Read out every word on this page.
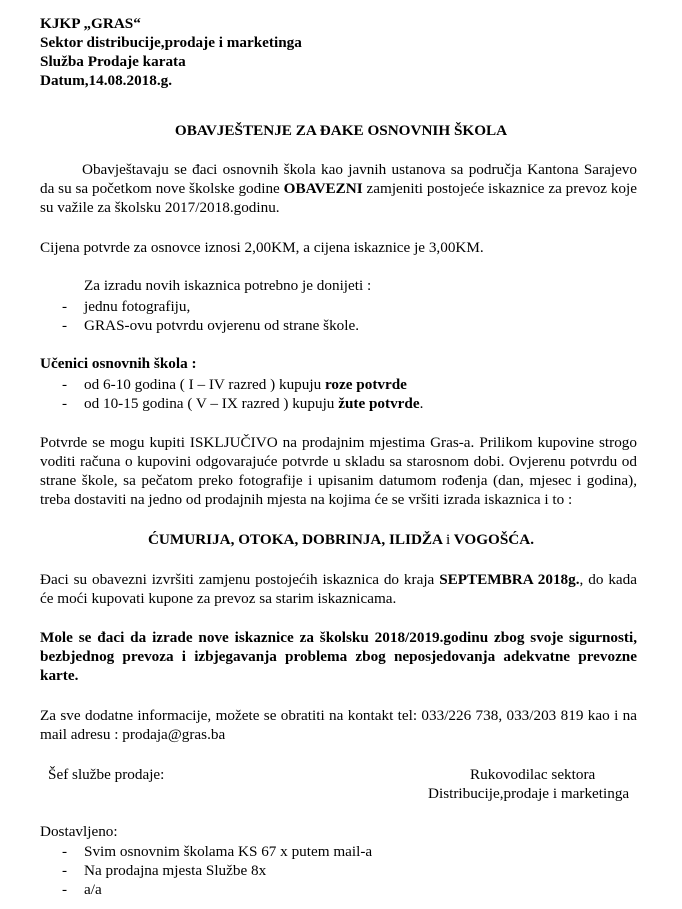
KJKP „GRAS“
Sektor distribucije,prodaje i marketinga
Služba Prodaje karata
Datum,14.08.2018.g.
OBAVJEŠTENJE ZA ĐAKE OSNOVNIH ŠKOLA

Obavještavaju se đaci osnovnih škola kao javnih ustanova sa područja Kantona Sarajevo da su sa početkom nove školske godine OBAVEZNI zamjeniti postojeće iskaznice za prevoz koje su važile za školsku 2017/2018.godinu.

Cijena potvrde za osnovce iznosi 2,00KM, a cijena iskaznice je 3,00KM.
Za izradu novih iskaznica potrebno je donijeti :
- jednu fotografiju,
- GRAS-ovu potvrdu ovjerenu od strane škole.
Učenici osnovnih škola :
- od 6-10 godina ( I – IV razred ) kupuju roze potvrde
- od 10-15 godina ( V – IX razred ) kupuju žute potvrde.

Potvrde se mogu kupiti ISKLJUČIVO na prodajnim mjestima Gras-a. Prilikom kupovine strogo voditi računa o kupovini odgovarajuće potvrde u skladu sa starosnom dobi. Ovjerenu potvrdu od strane škole, sa pečatom preko fotografije i upisanim datumom rođenja (dan, mjesec i godina), treba dostaviti na jedno od prodajnih mjesta na kojima će se vršiti izrada iskaznica i to :

ĆUMURIJA, OTOKA, DOBRINJA, ILIDŽA i VOGOŠĆA.

Đaci su obavezni izvršiti zamjenu postojećih iskaznica do kraja SEPTEMBRA 2018g., do kada će moći kupovati kupone za prevoz sa starim iskaznicama.

Mole se đaci da izrade nove iskaznice za školsku 2018/2019.godinu zbog svoje sigurnosti, bezbjednog prevoza i izbjegavanja problema zbog neposjedovanja adekvatne prevozne karte.

Za sve dodatne informacije, možete se obratiti na kontakt tel: 033/226 738, 033/203 819 kao i na mail adresu : prodaja@gras.ba

Šef službe prodaje:	Rukovodilac sektora
Distribucije,prodaje i marketinga
Dostavljeno:
- Svim osnovnim školama KS 67 x putem mail-a
- Na prodajna mjesta Službe 8x
- a/a
